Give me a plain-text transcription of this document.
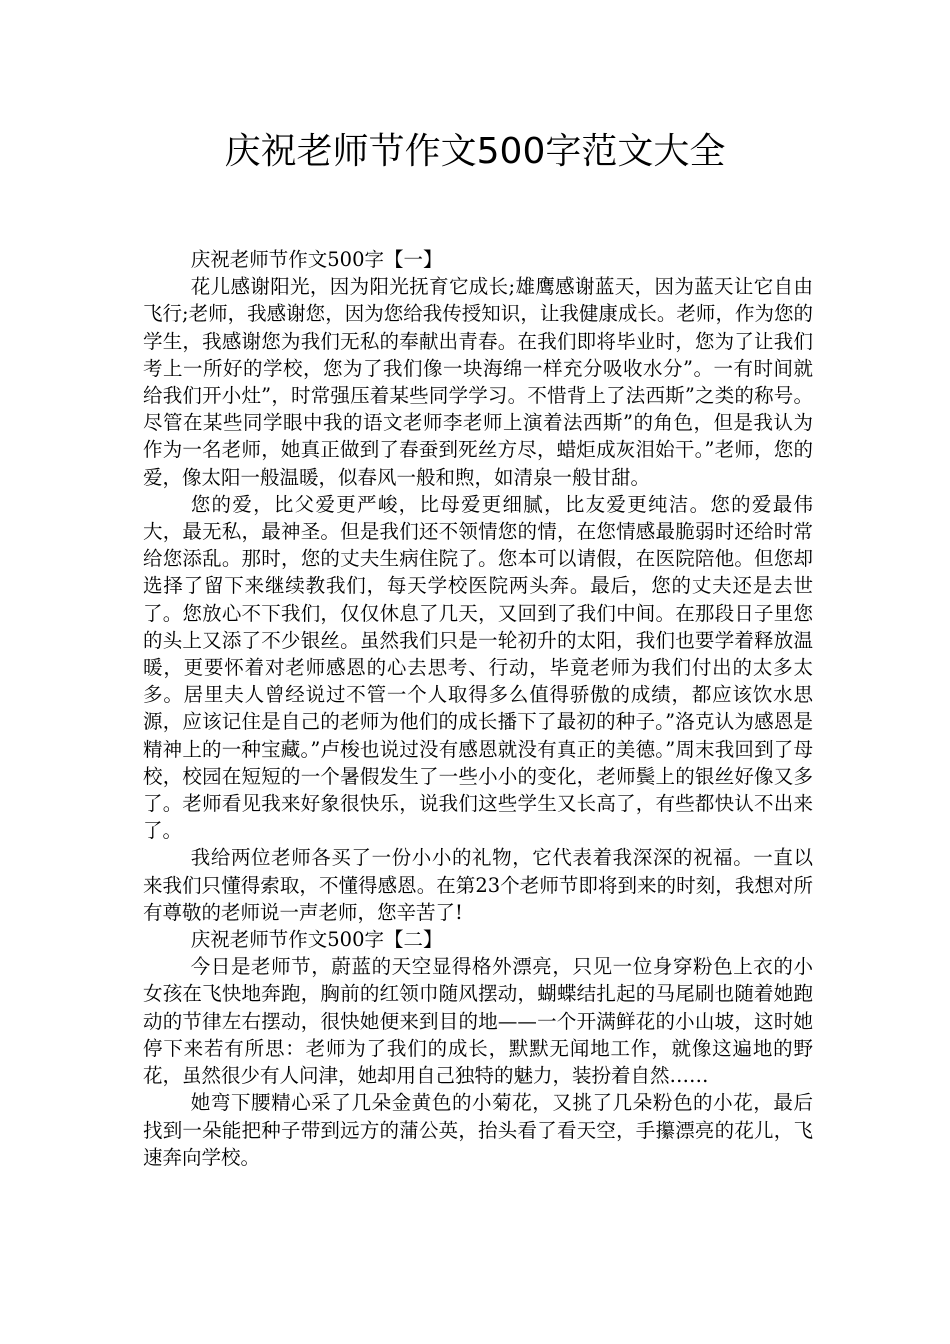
庆祝老师节作文500字范文大全

庆祝老师节作文500字【一】

花儿感谢阳光，因为阳光抚育它成长;雄鹰感谢蓝天，因为蓝天让它自由飞行;老师，我感谢您，因为您给我传授知识，让我健康成长。老师，作为您的学生，我感谢您为我们无私的奉献出青春。在我们即将毕业时，您为了让我们考上一所好的学校，您为了我们像一块海绵一样充分吸收水分”。一有时间就给我们开小灶”，时常强压着某些同学学习。不惜背上了法西斯”之类的称号。尽管在某些同学眼中我的语文老师李老师上演着法西斯”的角色，但是我认为作为一名老师，她真正做到了春蚕到死丝方尽，蜡炬成灰泪始干。”老师，您的爱，像太阳一般温暖，似春风一般和煦，如清泉一般甘甜。

您的爱，比父爱更严峻，比母爱更细腻，比友爱更纯洁。您的爱最伟大，最无私，最神圣。但是我们还不领情您的情，在您情感最脆弱时还给时常给您添乱。那时，您的丈夫生病住院了。您本可以请假，在医院陪他。但您却选择了留下来继续教我们，每天学校医院两头奔。最后，您的丈夫还是去世了。您放心不下我们，仅仅休息了几天，又回到了我们中间。在那段日子里您的头上又添了不少银丝。虽然我们只是一轮初升的太阳，我们也要学着释放温暖，更要怀着对老师感恩的心去思考、行动，毕竟老师为我们付出的太多太多。居里夫人曾经说过不管一个人取得多么值得骄傲的成绩，都应该饮水思源，应该记住是自己的老师为他们的成长播下了最初的种子。”洛克认为感恩是精神上的一种宝藏。”卢梭也说过没有感恩就没有真正的美德。”周末我回到了母校，校园在短短的一个暑假发生了一些小小的变化，老师鬓上的银丝好像又多了。老师看见我来好象很快乐，说我们这些学生又长高了，有些都快认不出来了。

我给两位老师各买了一份小小的礼物，它代表着我深深的祝福。一直以来我们只懂得索取，不懂得感恩。在第23个老师节即将到来的时刻，我想对所有尊敬的老师说一声老师，您辛苦了!

庆祝老师节作文500字【二】

今日是老师节，蔚蓝的天空显得格外漂亮，只见一位身穿粉色上衣的小女孩在飞快地奔跑，胸前的红领巾随风摆动，蝴蝶结扎起的马尾刷也随着她跑动的节律左右摆动，很快她便来到目的地——一个开满鲜花的小山坡，这时她停下来若有所思：老师为了我们的成长，默默无闻地工作，就像这遍地的野花，虽然很少有人问津，她却用自己独特的魅力，装扮着自然……

她弯下腰精心采了几朵金黄色的小菊花，又挑了几朵粉色的小花，最后找到一朵能把种子带到远方的蒲公英，抬头看了看天空，手攥漂亮的花儿，飞速奔向学校。
